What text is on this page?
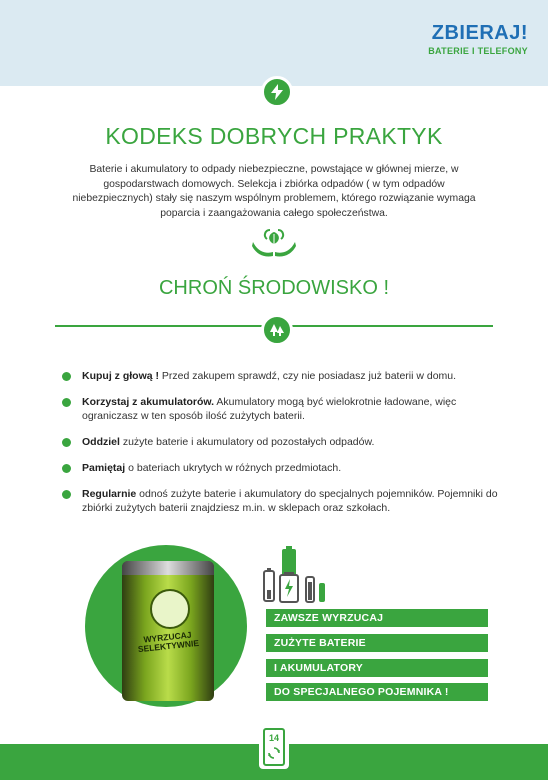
ZBIERAJ!
BATERIE I TELEFONY
KODEKS DOBRYCH PRAKTYK
Baterie i akumulatory to odpady niebezpieczne, powstające w głównej mierze, w gospodarstwach domowych. Selekcja i zbiórka odpadów ( w tym odpadów niebezpiecznych) stały się naszym wspólnym problemem, którego rozwiązanie wymaga poparcia i zaangażowania całego społeczeństwa.
CHROŃ ŚRODOWISKO !
Kupuj z głową ! Przed zakupem sprawdź, czy nie posiadasz już baterii w domu.
Korzystaj z akumulatorów. Akumulatory mogą być wielokrotnie ładowane, więc ograniczasz w ten sposób ilość zużytych baterii.
Oddziel zużyte baterie i akumulatory od pozostałych odpadów.
Pamiętaj o bateriach ukrytych w różnych przedmiotach.
Regularnie odnoś zużyte baterie i akumulatory do specjalnych pojemników. Pojemniki do zbiórki zużytych baterii znajdziesz m.in. w sklepach oraz szkołach.
WYRZUCAJ SELEKTYWNIE
ZAWSZE WYRZUCAJ
ZUŻYTE BATERIE
I AKUMULATORY
DO SPECJALNEGO POJEMNIKA !
14
